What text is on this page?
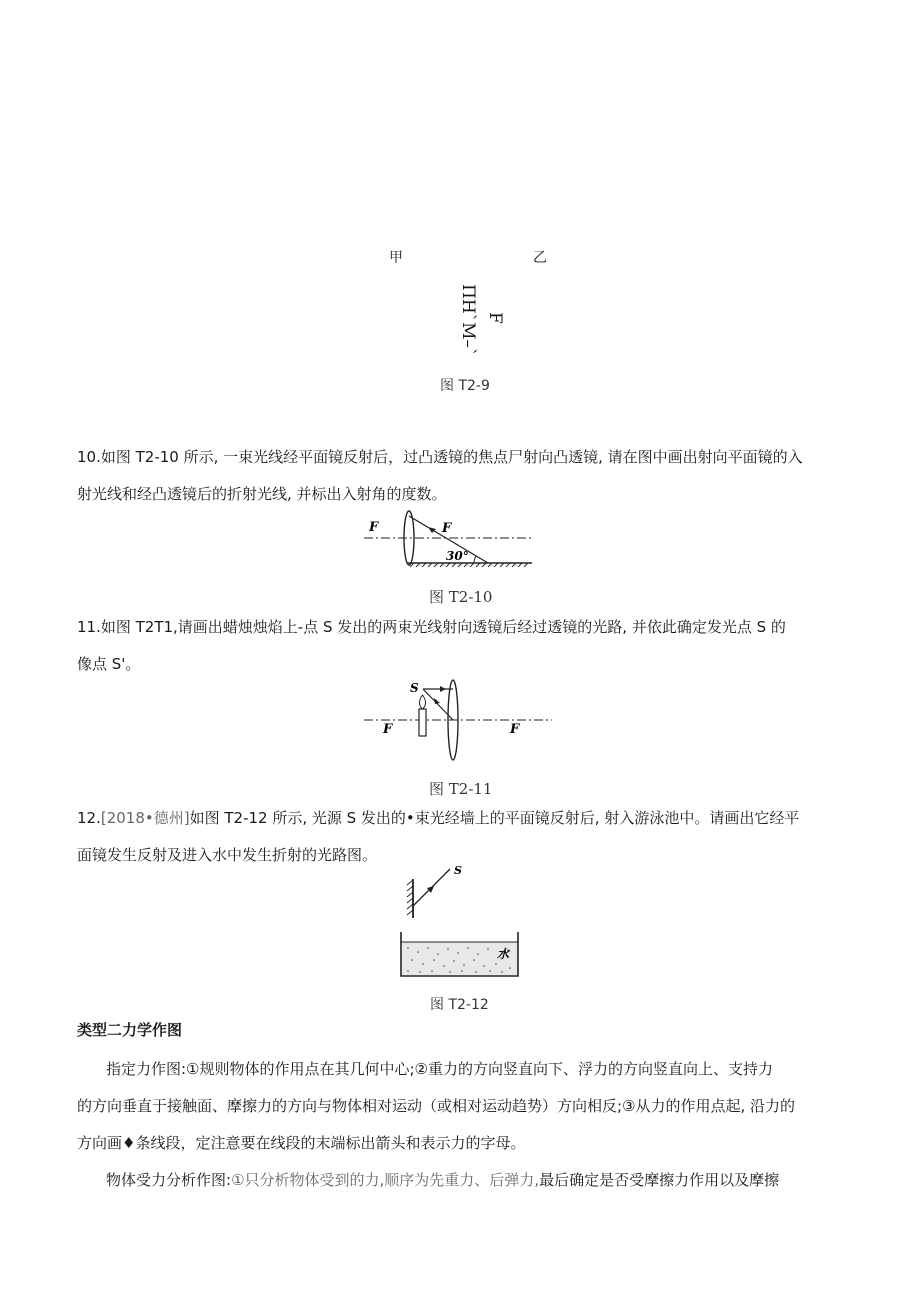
甲	乙
F
ΠΗ`Μ–`
图 T2-9
10.如图 T2-10 所示, 一束光线经平面镜反射后，过凸透镜的焦点尸射向凸透镜, 请在图中画出射向平面镜的入
射光线和经凸透镜后的折射光线, 并标出入射角的度数。
F	F
30°
图 T2-10
11.如图 T2T1,请画出蜡烛烛焰上-点 S 发出的两束光线射向透镜后经过透镜的光路, 并依此确定发光点 S 的
像点 S'。
S
F	F
图 T2-11
12.[2018•德州]如图 T2-12 所示, 光源 S 发出的•束光经墙上的平面镜反射后, 射入游泳池中。请画出它经平
面镜发生反射及进入水中发生折射的光路图。
S
水
图 T2-12
类型二力学作图
指定力作图:①规则物体的作用点在其几何中心;②重力的方向竖直向下、浮力的方向竖直向上、支持力
的方向垂直于接触面、摩擦力的方向与物体相对运动（或相对运动趋势）方向相反;③从力的作用点起, 沿力的
方向画♦条线段，定注意要在线段的末端标出箭头和表示力的字母。
物体受力分析作图:①只分析物体受到的力,顺序为先重力、后弹力,最后确定是否受摩擦力作用以及摩擦
